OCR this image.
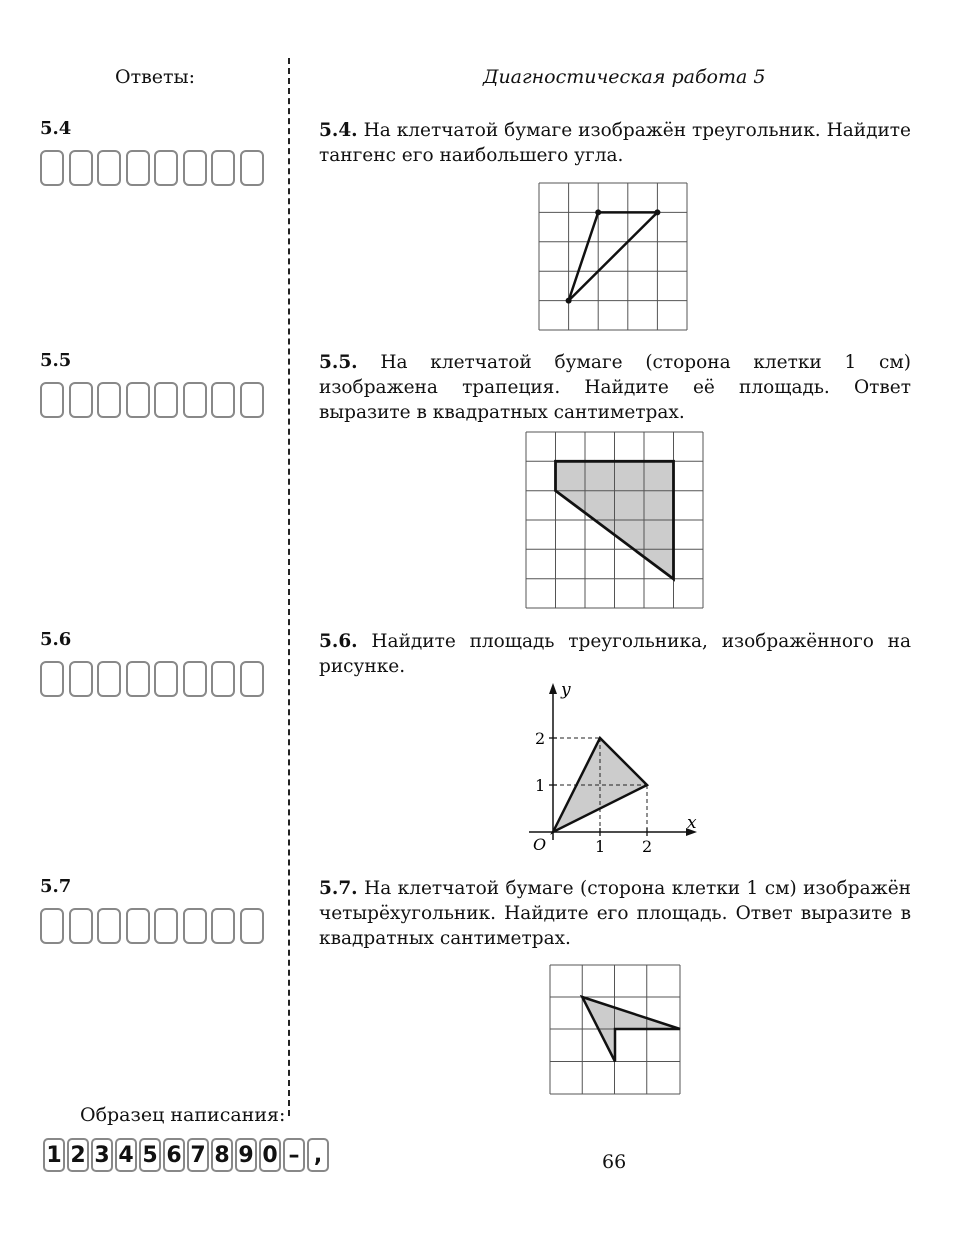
Ответы:	Диагностическая работа 5
5.4
5.5
5.6
5.7
5.4. На клетчатой бумаге изображён треугольник. Найдите тангенс его наибольшего угла.
5.5. На клетчатой бумаге (сторона клетки 1 см) изображена трапеция. Найдите её площадь. Ответ выразите в квадратных сантиметрах.
5.6. Найдите площадь треугольника, изображённого на рисунке.
5.7. На клетчатой бумаге (сторона клетки 1 см) изображён четырёхугольник. Найдите его площадь. Ответ выразите в квадратных сантиметрах.
y
x
O
2
1
1 2
Образец написания:
1 2 3 4 5 6 7 8 9 0 – ,	66
